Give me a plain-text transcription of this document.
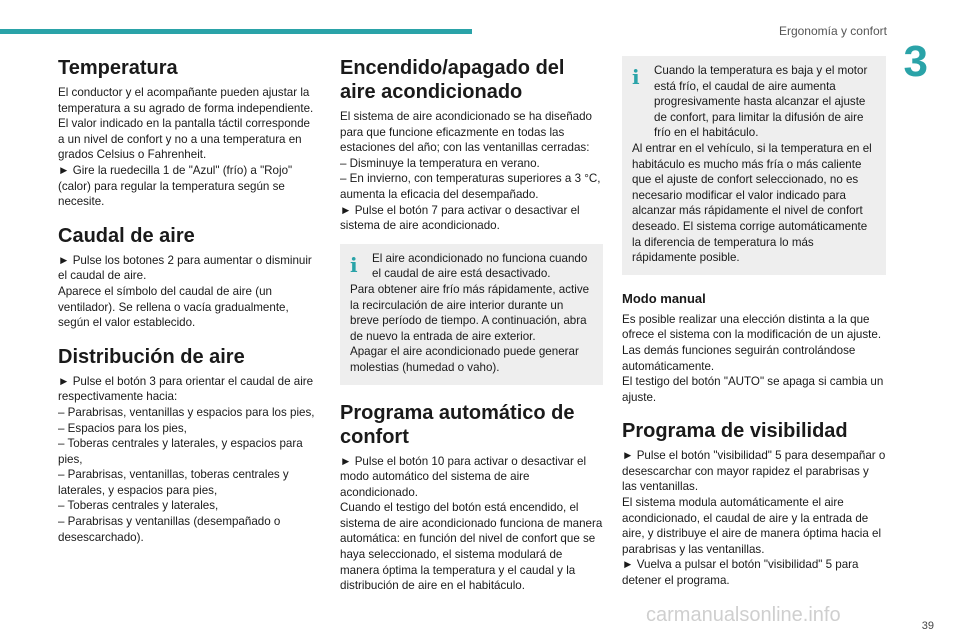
Ergonomía y confort
3
Temperatura

El conductor y el acompañante pueden ajustar la temperatura a su agrado de forma independiente. El valor indicado en la pantalla táctil corresponde a un nivel de confort y no a una temperatura en grados Celsius o Fahrenheit.

► Gire la ruedecilla 1 de "Azul" (frío) a "Rojo" (calor) para regular la temperatura según se necesite.

Caudal de aire

► Pulse los botones 2 para aumentar o disminuir el caudal de aire.

Aparece el símbolo del caudal de aire (un ventilador). Se rellena o vacía gradualmente, según el valor establecido.

Distribución de aire

► Pulse el botón 3 para orientar el caudal de aire respectivamente hacia:

– Parabrisas, ventanillas y espacios para los pies,

– Espacios para los pies,

– Toberas centrales y laterales, y espacios para pies,

– Parabrisas, ventanillas, toberas centrales y laterales, y espacios para pies,

– Toberas centrales y laterales,

– Parabrisas y ventanillas (desempañado o desescarchado).

Encendido/apagado del aire acondicionado

El sistema de aire acondicionado se ha diseñado para que funcione eficazmente en todas las estaciones del año; con las ventanillas cerradas:

– Disminuye la temperatura en verano.

– En invierno, con temperaturas superiores a 3 °C, aumenta la eficacia del desempañado.

► Pulse el botón 7 para activar o desactivar el sistema de aire acondicionado.

i	El aire acondicionado no funciona cuando el caudal de aire está desactivado.

Para obtener aire frío más rápidamente, active la recirculación de aire interior durante un breve período de tiempo. A continuación, abra de nuevo la entrada de aire exterior.

Apagar el aire acondicionado puede generar molestias (humedad o vaho).

Programa automático de confort

► Pulse el botón 10 para activar o desactivar el modo automático del sistema de aire acondicionado.

Cuando el testigo del botón está encendido, el sistema de aire acondicionado funciona de manera automática: en función del nivel de confort que se haya seleccionado, el sistema modulará de manera óptima la temperatura y el caudal y la distribución de aire en el habitáculo.

i	Cuando la temperatura es baja y el motor está frío, el caudal de aire aumenta progresivamente hasta alcanzar el ajuste de confort, para limitar la difusión de aire frío en el habitáculo.

Al entrar en el vehículo, si la temperatura en el habitáculo es mucho más fría o más caliente que el ajuste de confort seleccionado, no es necesario modificar el valor indicado para alcanzar más rápidamente el nivel de confort deseado. El sistema corrige automáticamente la diferencia de temperatura lo más rápidamente posible.

Modo manual

Es posible realizar una elección distinta a la que ofrece el sistema con la modificación de un ajuste. Las demás funciones seguirán controlándose automáticamente.

El testigo del botón "AUTO" se apaga si cambia un ajuste.

Programa de visibilidad

► Pulse el botón "visibilidad" 5 para desempañar o desescarchar con mayor rapidez el parabrisas y las ventanillas.

El sistema modula automáticamente el aire acondicionado, el caudal de aire y la entrada de aire, y distribuye el aire de manera óptima hacia el parabrisas y las ventanillas.

► Vuelva a pulsar el botón "visibilidad" 5 para detener el programa.

carmanualsonline.info	39
